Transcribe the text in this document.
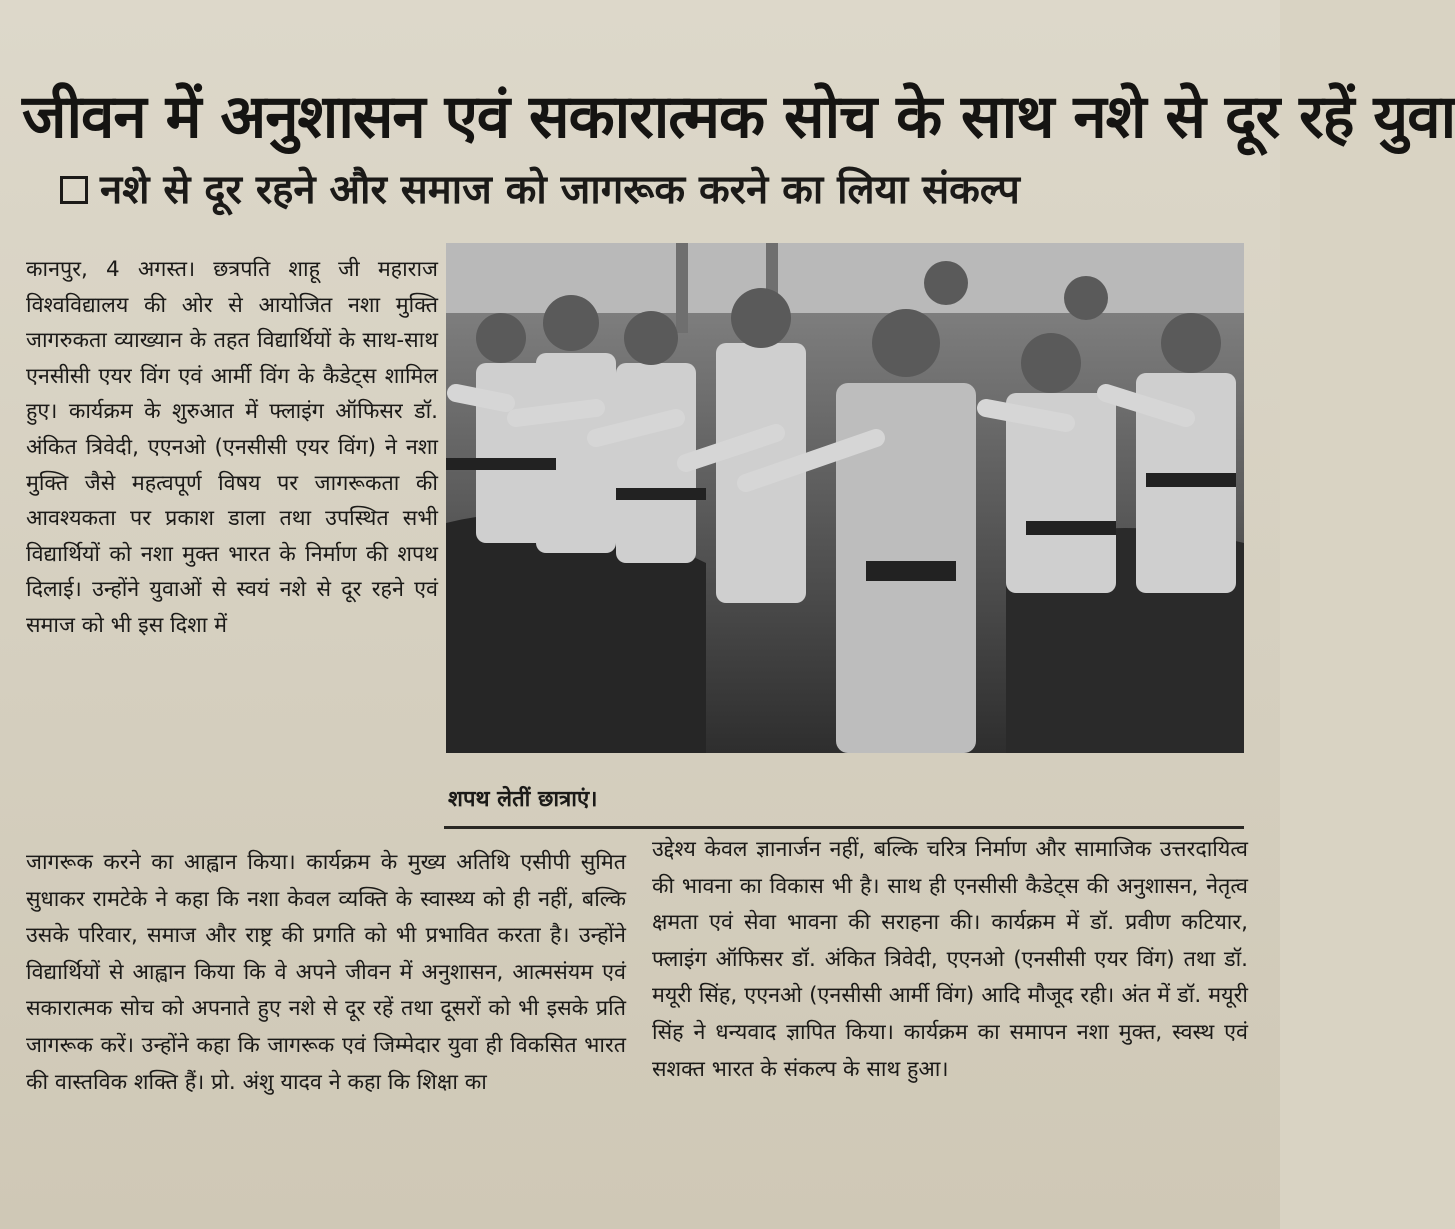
जीवन में अनुशासन एवं सकारात्मक सोच के साथ नशे से दूर रहें युवा
नशे से दूर रहने और समाज को जागरूक करने का लिया संकल्प

कानपुर, 4 अगस्त। छत्रपति शाहू जी महाराज विश्वविद्यालय की ओर से आयोजित नशा मुक्ति जागरुकता व्याख्यान के तहत विद्यार्थियों के साथ-साथ एनसीसी एयर विंग एवं आर्मी विंग के कैडेट्स शामिल हुए। कार्यक्रम के शुरुआत में फ्लाइंग ऑफिसर डॉ. अंकित त्रिवेदी, एएनओ (एनसीसी एयर विंग) ने नशा मुक्ति जैसे महत्वपूर्ण विषय पर जागरूकता की आवश्यकता पर प्रकाश डाला तथा उपस्थित सभी विद्यार्थियों को नशा मुक्त भारत के निर्माण की शपथ दिलाई। उन्होंने युवाओं से स्वयं नशे से दूर रहने एवं समाज को भी इस दिशा में

शपथ लेतीं छात्राएं।

जागरूक करने का आह्वान किया। कार्यक्रम के मुख्य अतिथि एसीपी सुमित सुधाकर रामटेके ने कहा कि नशा केवल व्यक्ति के स्वास्थ्य को ही नहीं, बल्कि उसके परिवार, समाज और राष्ट्र की प्रगति को भी प्रभावित करता है। उन्होंने विद्यार्थियों से आह्वान किया कि वे अपने जीवन में अनुशासन, आत्मसंयम एवं सकारात्मक सोच को अपनाते हुए नशे से दूर रहें तथा दूसरों को भी इसके प्रति जागरूक करें। उन्होंने कहा कि जागरूक एवं जिम्मेदार युवा ही विकसित भारत की वास्तविक शक्ति हैं। प्रो. अंशु यादव ने कहा कि शिक्षा का

उद्देश्य केवल ज्ञानार्जन नहीं, बल्कि चरित्र निर्माण और सामाजिक उत्तरदायित्व की भावना का विकास भी है। साथ ही एनसीसी कैडेट्स की अनुशासन, नेतृत्व क्षमता एवं सेवा भावना की सराहना की। कार्यक्रम में डॉ. प्रवीण कटियार, फ्लाइंग ऑफिसर डॉ. अंकित त्रिवेदी, एएनओ (एनसीसी एयर विंग) तथा डॉ. मयूरी सिंह, एएनओ (एनसीसी आर्मी विंग) आदि मौजूद रही। अंत में डॉ. मयूरी सिंह ने धन्यवाद ज्ञापित किया। कार्यक्रम का समापन नशा मुक्त, स्वस्थ एवं सशक्त भारत के संकल्प के साथ हुआ।
